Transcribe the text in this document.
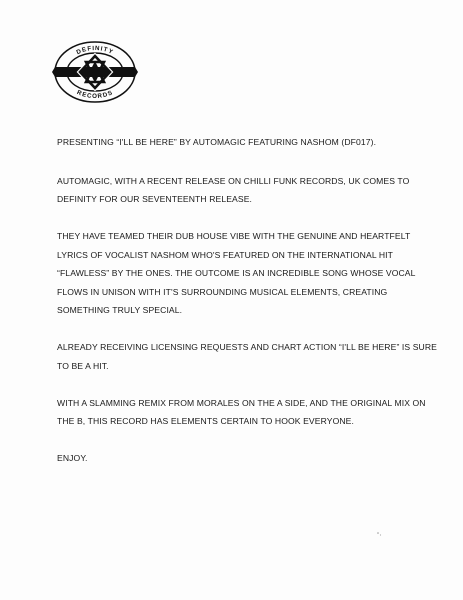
DEFINITY
RECORDS

PRESENTING “I'LL BE HERE” BY AUTOMAGIC FEATURING NASHOM (DF017).

AUTOMAGIC, WITH A RECENT RELEASE ON CHILLI FUNK RECORDS, UK COMES TO DEFINITY FOR OUR SEVENTEENTH RELEASE.

THEY HAVE TEAMED THEIR DUB HOUSE VIBE WITH THE GENUINE AND HEARTFELT LYRICS OF VOCALIST NASHOM WHO'S FEATURED ON THE INTERNATIONAL HIT “FLAWLESS” BY THE ONES. THE OUTCOME IS AN INCREDIBLE SONG WHOSE VOCAL FLOWS IN UNISON WITH IT'S SURROUNDING MUSICAL ELEMENTS, CREATING SOMETHING TRULY SPECIAL.

ALREADY RECEIVING LICENSING REQUESTS AND CHART ACTION “I'LL BE HERE” IS SURE TO BE A HIT.

WITH A SLAMMING REMIX FROM MORALES ON THE A SIDE, AND THE ORIGINAL MIX ON THE B, THIS RECORD HAS ELEMENTS CERTAIN TO HOOK EVERYONE.

ENJOY.
